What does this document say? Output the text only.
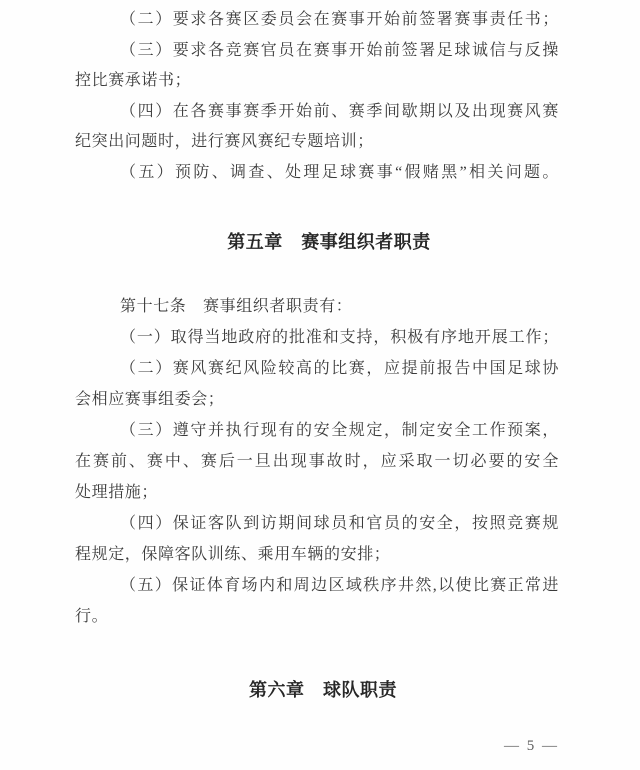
（二）要求各赛区委员会在赛事开始前签署赛事责任书；
（三）要求各竞赛官员在赛事开始前签署足球诚信与反操
控比赛承诺书；
（四）在各赛事赛季开始前、赛季间歇期以及出现赛风赛
纪突出问题时，进行赛风赛纪专题培训；
（五）预防、调查、处理足球赛事“假赌黑”相关问题。
第五章　赛事组织者职责
第十七条　赛事组织者职责有：
（一）取得当地政府的批准和支持，积极有序地开展工作；
（二）赛风赛纪风险较高的比赛，应提前报告中国足球协
会相应赛事组委会；
（三）遵守并执行现有的安全规定，制定安全工作预案，
在赛前、赛中、赛后一旦出现事故时，应采取一切必要的安全
处理措施；
（四）保证客队到访期间球员和官员的安全，按照竞赛规
程规定，保障客队训练、乘用车辆的安排；
（五）保证体育场内和周边区域秩序井然,以使比赛正常进
行。
第六章　球队职责
— 5 —
